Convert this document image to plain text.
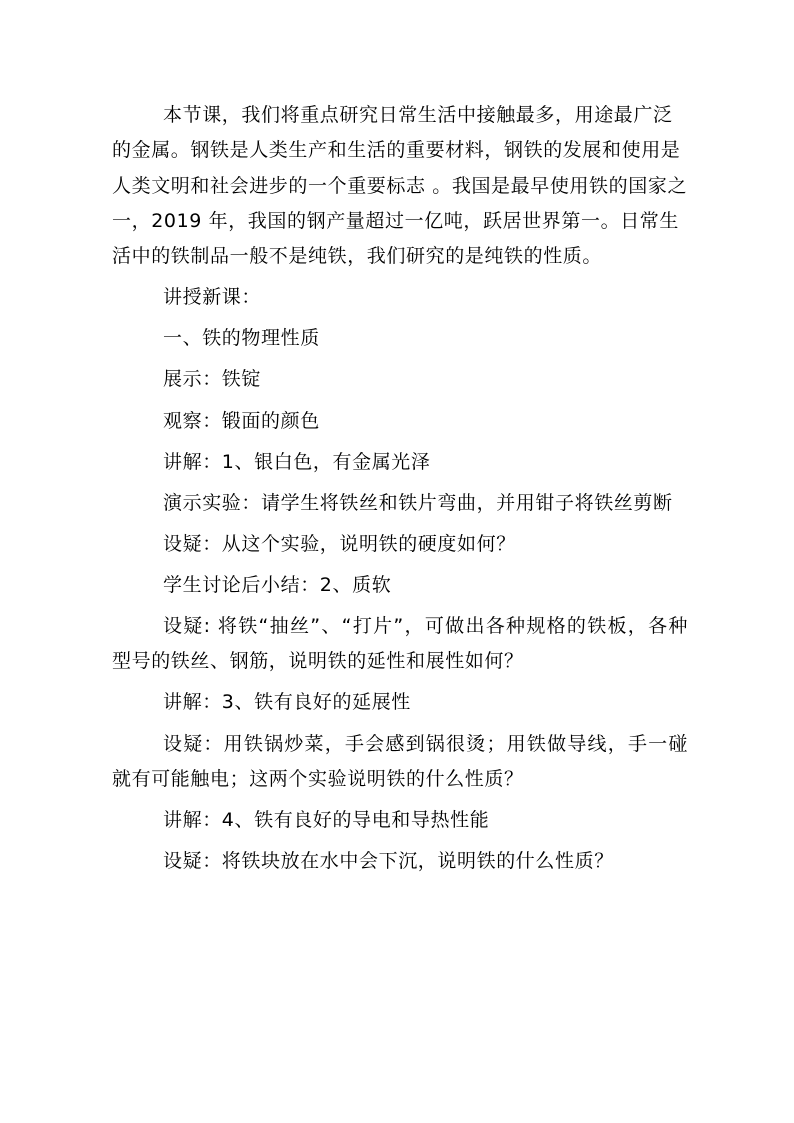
本节课，我们将重点研究日常生活中接触最多，用途最广泛的金属。钢铁是人类生产和生活的重要材料，钢铁的发展和使用是人类文明和社会进步的一个重要标志 。我国是最早使用铁的国家之一，2019 年，我国的钢产量超过一亿吨，跃居世界第一。日常生活中的铁制品一般不是纯铁，我们研究的是纯铁的性质。

讲授新课：

一、铁的物理性质

展示：铁锭

观察：锻面的颜色

讲解：1、银白色，有金属光泽

演示实验：请学生将铁丝和铁片弯曲，并用钳子将铁丝剪断

设疑：从这个实验，说明铁的硬度如何？

学生讨论后小结：2、质软

设疑: 将铁“抽丝”、“打片”，可做出各种规格的铁板，各种型号的铁丝、钢筋，说明铁的延性和展性如何？

讲解：3、铁有良好的延展性

设疑：用铁锅炒菜，手会感到锅很烫；用铁做导线，手一碰就有可能触电；这两个实验说明铁的什么性质？

讲解：4、铁有良好的导电和导热性能

设疑：将铁块放在水中会下沉，说明铁的什么性质？
